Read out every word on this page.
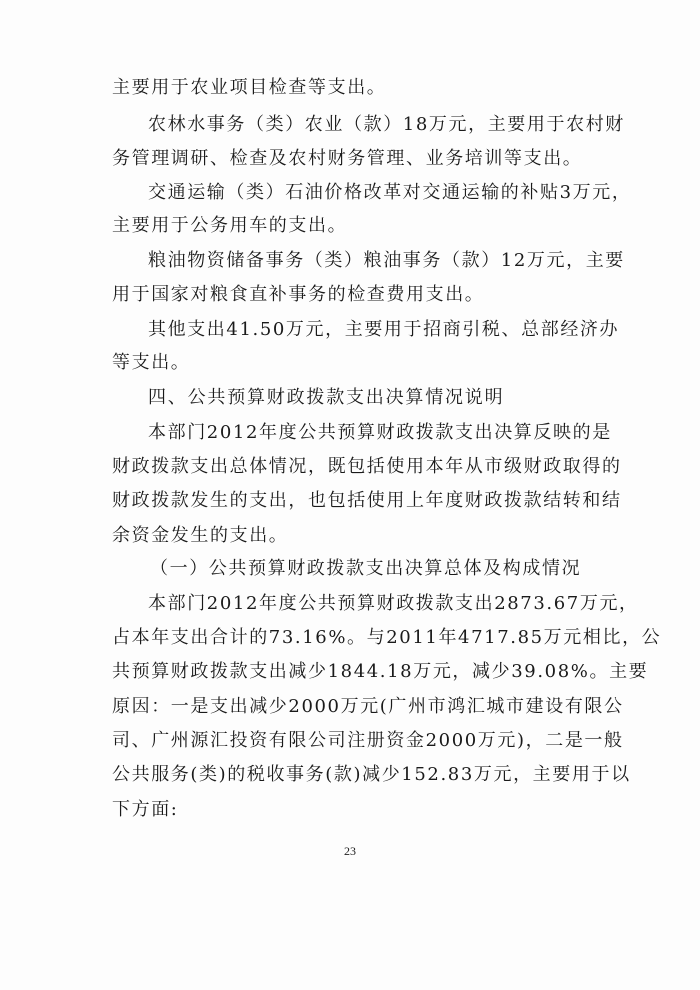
主要用于农业项目检查等支出。
农林水事务（类）农业（款）18万元，主要用于农村财
务管理调研、检查及农村财务管理、业务培训等支出。
交通运输（类）石油价格改革对交通运输的补贴3万元，
主要用于公务用车的支出。
粮油物资储备事务（类）粮油事务（款）12万元，主要
用于国家对粮食直补事务的检查费用支出。
其他支出41.50万元，主要用于招商引税、总部经济办
等支出。
四、公共预算财政拨款支出决算情况说明
本部门2012年度公共预算财政拨款支出决算反映的是
财政拨款支出总体情况，既包括使用本年从市级财政取得的
财政拨款发生的支出，也包括使用上年度财政拨款结转和结
余资金发生的支出。
（一）公共预算财政拨款支出决算总体及构成情况
本部门2012年度公共预算财政拨款支出2873.67万元，
占本年支出合计的73.16%。与2011年4717.85万元相比，公
共预算财政拨款支出减少1844.18万元，减少39.08%。主要
原因：一是支出减少2000万元(广州市鸿汇城市建设有限公
司、广州源汇投资有限公司注册资金2000万元)，二是一般
公共服务(类)的税收事务(款)减少152.83万元，主要用于以
下方面:
23
